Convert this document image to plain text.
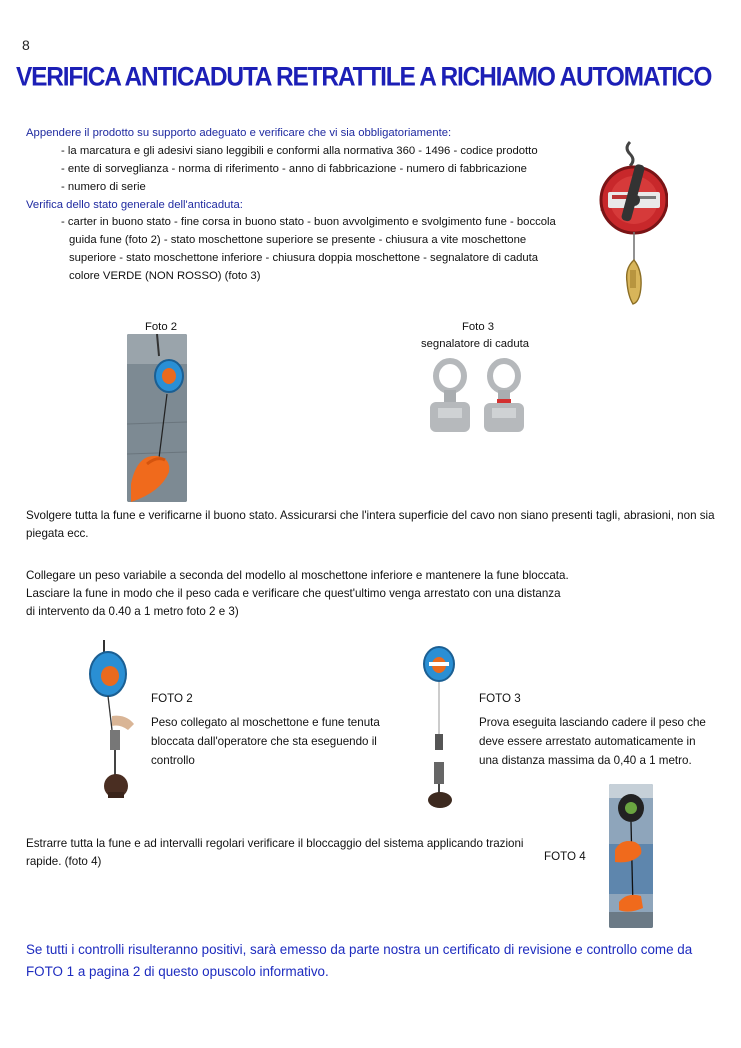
8
VERIFICA ANTICADUTA RETRATTILE A RICHIAMO AUTOMATICO
Appendere il prodotto su supporto adeguato e verificare che vi sia obbligatoriamente:
- la marcatura e gli adesivi siano leggibili e conformi alla normativa 360 - 1496 - codice prodotto
- ente di sorveglianza - norma di riferimento - anno di fabbricazione - numero di fabbricazione
- numero di serie
Verifica dello stato generale dell'anticaduta:
- carter in buono stato - fine corsa in buono stato - buon avvolgimento e svolgimento fune - boccola
guida fune (foto 2) - stato moschettone superiore se presente - chiusura a vite moschettone
superiore - stato moschettone inferiore - chiusura doppia moschettone - segnalatore di caduta
colore VERDE (NON ROSSO) (foto 3)
Foto 2	Foto 3
segnalatore di caduta
Svolgere tutta la fune e verificarne il buono stato. Assicurarsi che l'intera superficie del cavo non siano presenti tagli, abrasioni, non sia
piegata ecc.
Collegare un peso variabile a seconda del modello al moschettone inferiore e mantenere la fune bloccata.
Lasciare la fune in modo che il peso cada e verificare che quest'ultimo venga arrestato con una distanza
di intervento da 0.40 a 1 metro foto 2 e 3)
FOTO 2
Peso collegato al moschettone e fune tenuta
bloccata dall'operatore che sta eseguendo il
controllo
FOTO 3
Prova eseguita lasciando cadere il peso che
deve essere arrestato automaticamente in
una distanza massima da 0,40 a 1 metro.
Estrarre tutta la fune e ad intervalli regolari verificare il bloccaggio del sistema applicando trazioni
rapide. (foto 4)	FOTO 4
Se tutti i controlli risulteranno positivi, sarà emesso da parte nostra un certificato di revisione e controllo come da
FOTO 1 a pagina 2 di questo opuscolo informativo.
